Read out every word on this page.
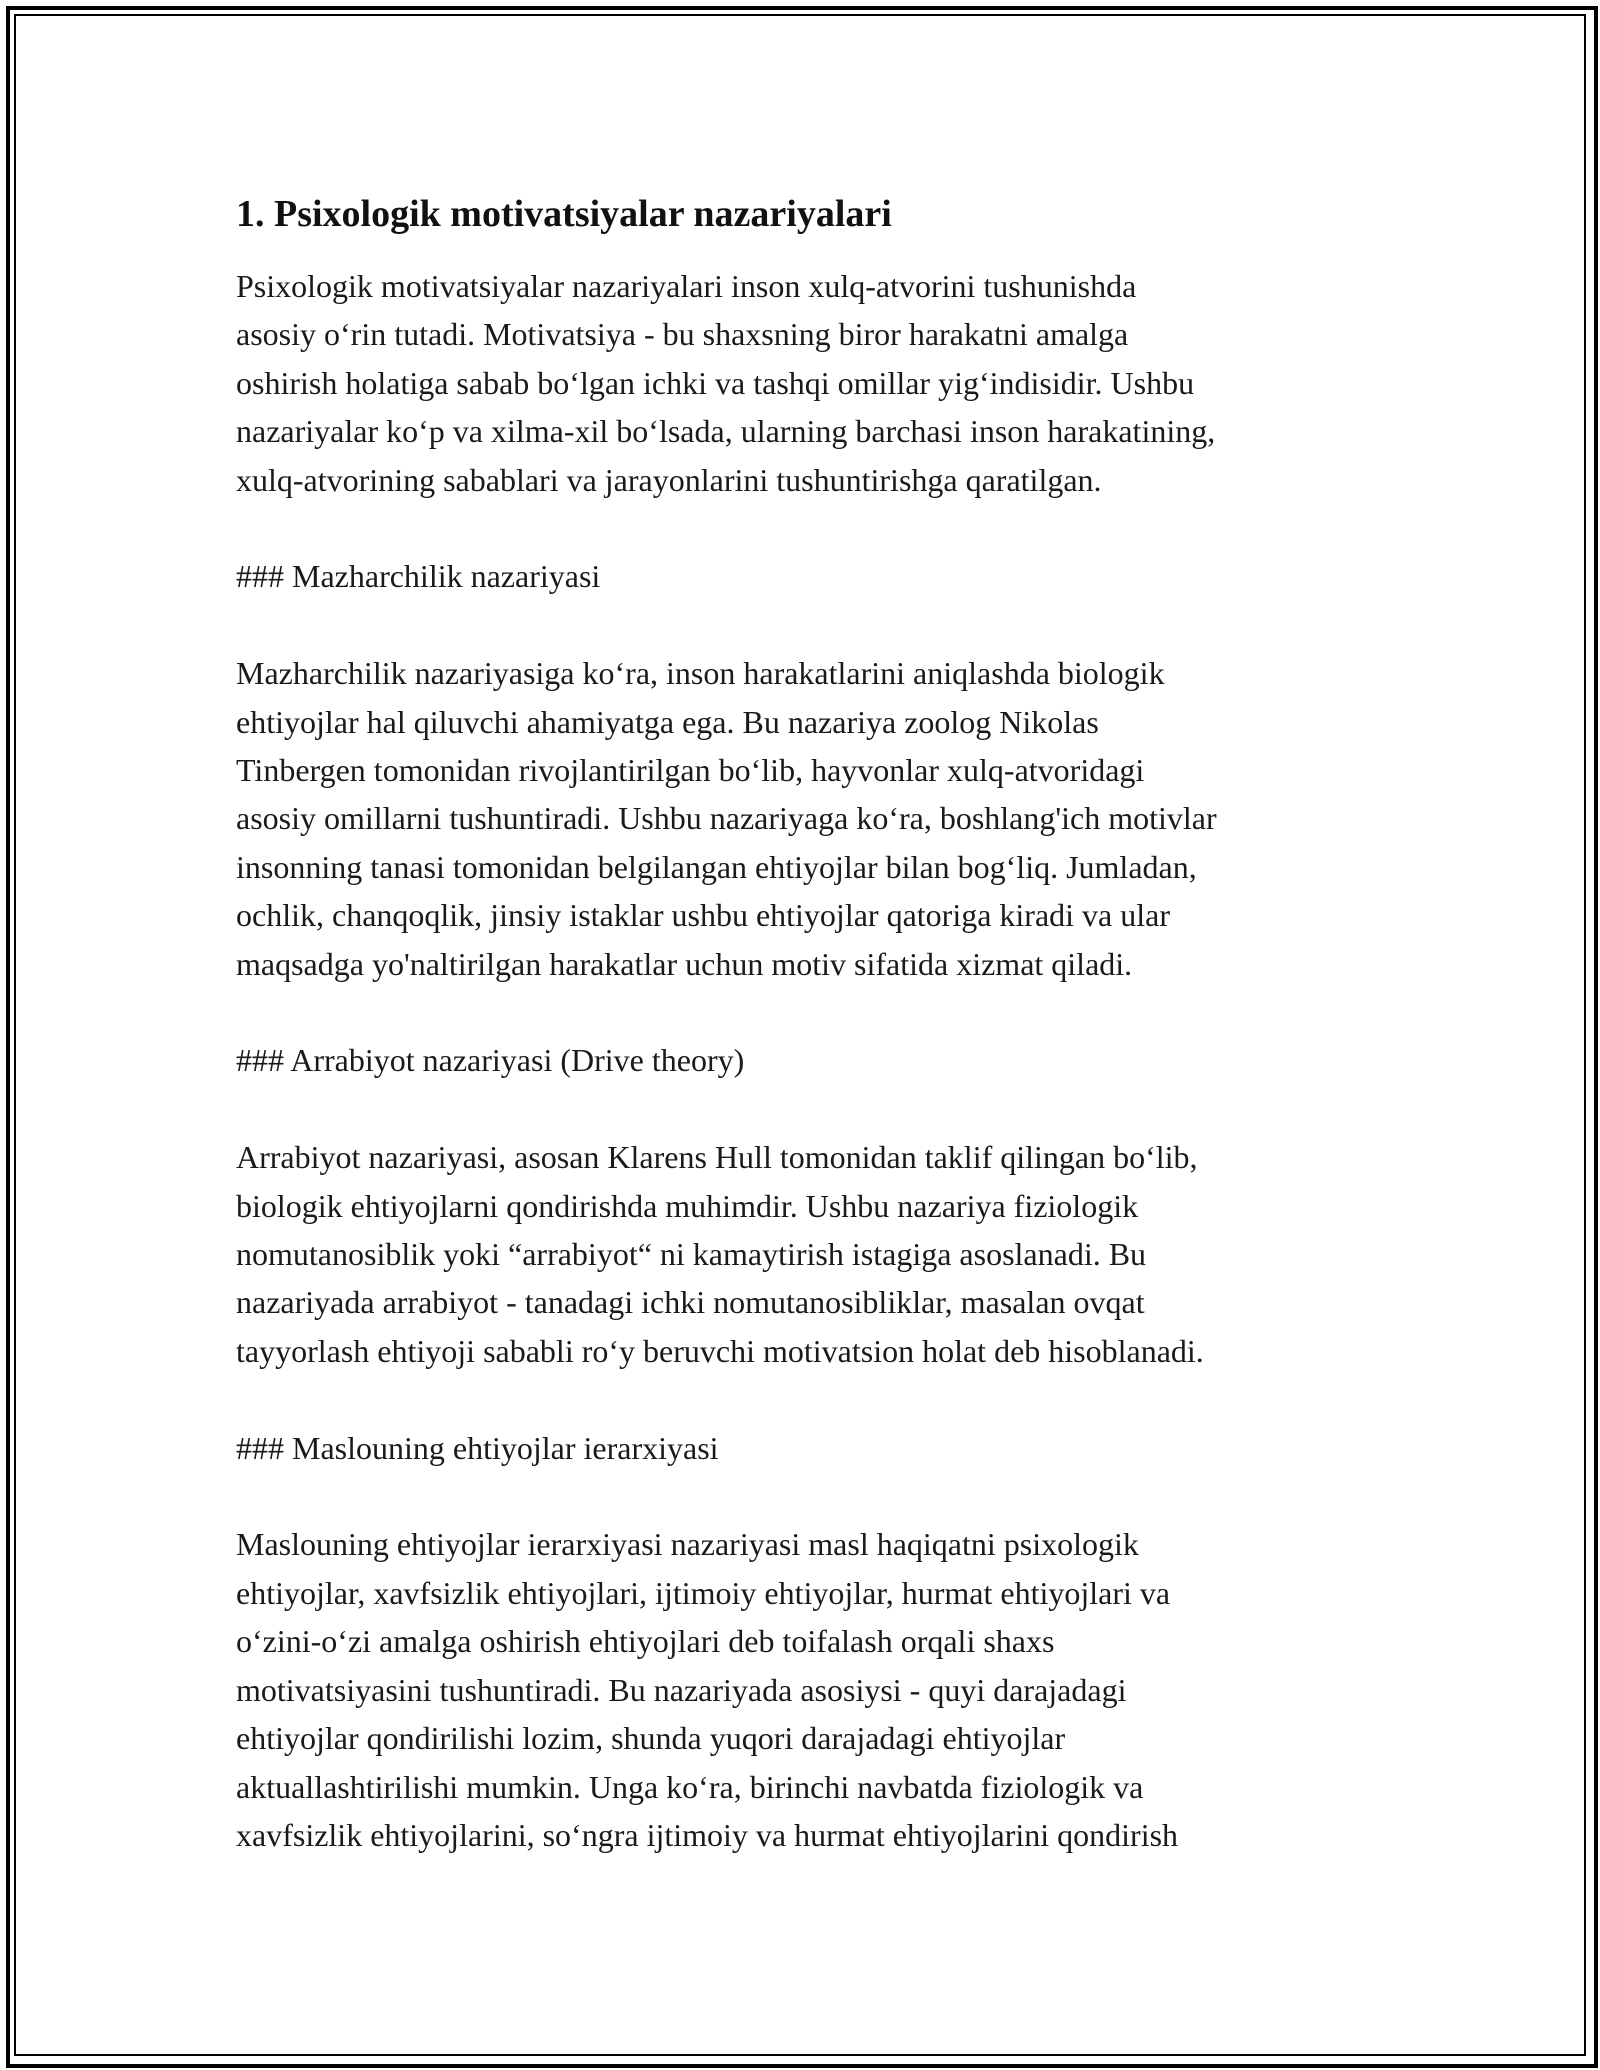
1. Psixologik motivatsiyalar nazariyalari

Psixologik motivatsiyalar nazariyalari inson xulq-atvorini tushunishda
asosiy o‘rin tutadi. Motivatsiya - bu shaxsning biror harakatni amalga
oshirish holatiga sabab bo‘lgan ichki va tashqi omillar yig‘indisidir. Ushbu
nazariyalar ko‘p va xilma-xil bo‘lsada, ularning barchasi inson harakatining,
xulq-atvorining sabablari va jarayonlarini tushuntirishga qaratilgan.

### Mazharchilik nazariyasi

Mazharchilik nazariyasiga ko‘ra, inson harakatlarini aniqlashda biologik
ehtiyojlar hal qiluvchi ahamiyatga ega. Bu nazariya zoolog Nikolas
Tinbergen tomonidan rivojlantirilgan bo‘lib, hayvonlar xulq-atvoridagi
asosiy omillarni tushuntiradi. Ushbu nazariyaga ko‘ra, boshlang'ich motivlar
insonning tanasi tomonidan belgilangan ehtiyojlar bilan bog‘liq. Jumladan,
ochlik, chanqoqlik, jinsiy istaklar ushbu ehtiyojlar qatoriga kiradi va ular
maqsadga yo'naltirilgan harakatlar uchun motiv sifatida xizmat qiladi.

### Arrabiyot nazariyasi (Drive theory)

Arrabiyot nazariyasi, asosan Klarens Hull tomonidan taklif qilingan bo‘lib,
biologik ehtiyojlarni qondirishda muhimdir. Ushbu nazariya fiziologik
nomutanosiblik yoki “arrabiyot“ ni kamaytirish istagiga asoslanadi. Bu
nazariyada arrabiyot - tanadagi ichki nomutanosibliklar, masalan ovqat
tayyorlash ehtiyoji sababli ro‘y beruvchi motivatsion holat deb hisoblanadi.

### Maslouning ehtiyojlar ierarxiyasi

Maslouning ehtiyojlar ierarxiyasi nazariyasi masl haqiqatni psixologik
ehtiyojlar, xavfsizlik ehtiyojlari, ijtimoiy ehtiyojlar, hurmat ehtiyojlari va
o‘zini-o‘zi amalga oshirish ehtiyojlari deb toifalash orqali shaxs
motivatsiyasini tushuntiradi. Bu nazariyada asosiysi - quyi darajadagi
ehtiyojlar qondirilishi lozim, shunda yuqori darajadagi ehtiyojlar
aktuallashtirilishi mumkin. Unga ko‘ra, birinchi navbatda fiziologik va
xavfsizlik ehtiyojlarini, so‘ngra ijtimoiy va hurmat ehtiyojlarini qondirish
